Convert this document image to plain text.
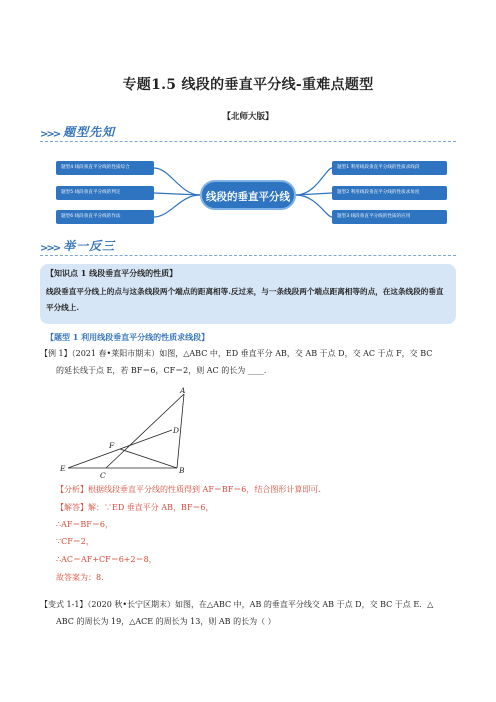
专题1.5 线段的垂直平分线-重难点题型
【北师大版】
>>> 题型先知
题型4 线段垂直平分线的性质综合
题型5 线段垂直平分线的判定
题型6 线段垂直平分线的作法
线段的垂直平分线
题型1 利用线段垂直平分线的性质求线段
题型2 利用线段垂直平分线的性质求角度
题型3 线段垂直平分线的性质的应用
>>> 举一反三
【知识点 1 线段垂直平分线的性质】
线段垂直平分线上的点与这条线段两个端点的距离相等.反过来，与一条线段两个端点距离相等的点，在这条线段的垂直平分线上.
【题型 1 利用线段垂直平分线的性质求线段】
【例 1】（2021 春•莱阳市期末）如图，△ABC 中，ED 垂直平分 AB，交 AB 于点 D，交 AC 于点 F，交 BC
的延长线于点 E，若 BF＝6，CF＝2，则 AC 的长为 ____.
A
D
F
E
C
B
【分析】根据线段垂直平分线的性质得到 AF＝BF＝6，结合图形计算即可.
【解答】解：∵ED 垂直平分 AB，BF＝6，
∴AF＝BF＝6，
∵CF＝2，
∴AC＝AF+CF＝6+2＝8，
故答案为：8.
【变式 1-1】（2020 秋•长宁区期末）如图，在△ABC 中，AB 的垂直平分线交 AB 于点 D，交 BC 于点 E．△
ABC 的周长为 19，△ACE 的周长为 13，则 AB 的长为（ ）
